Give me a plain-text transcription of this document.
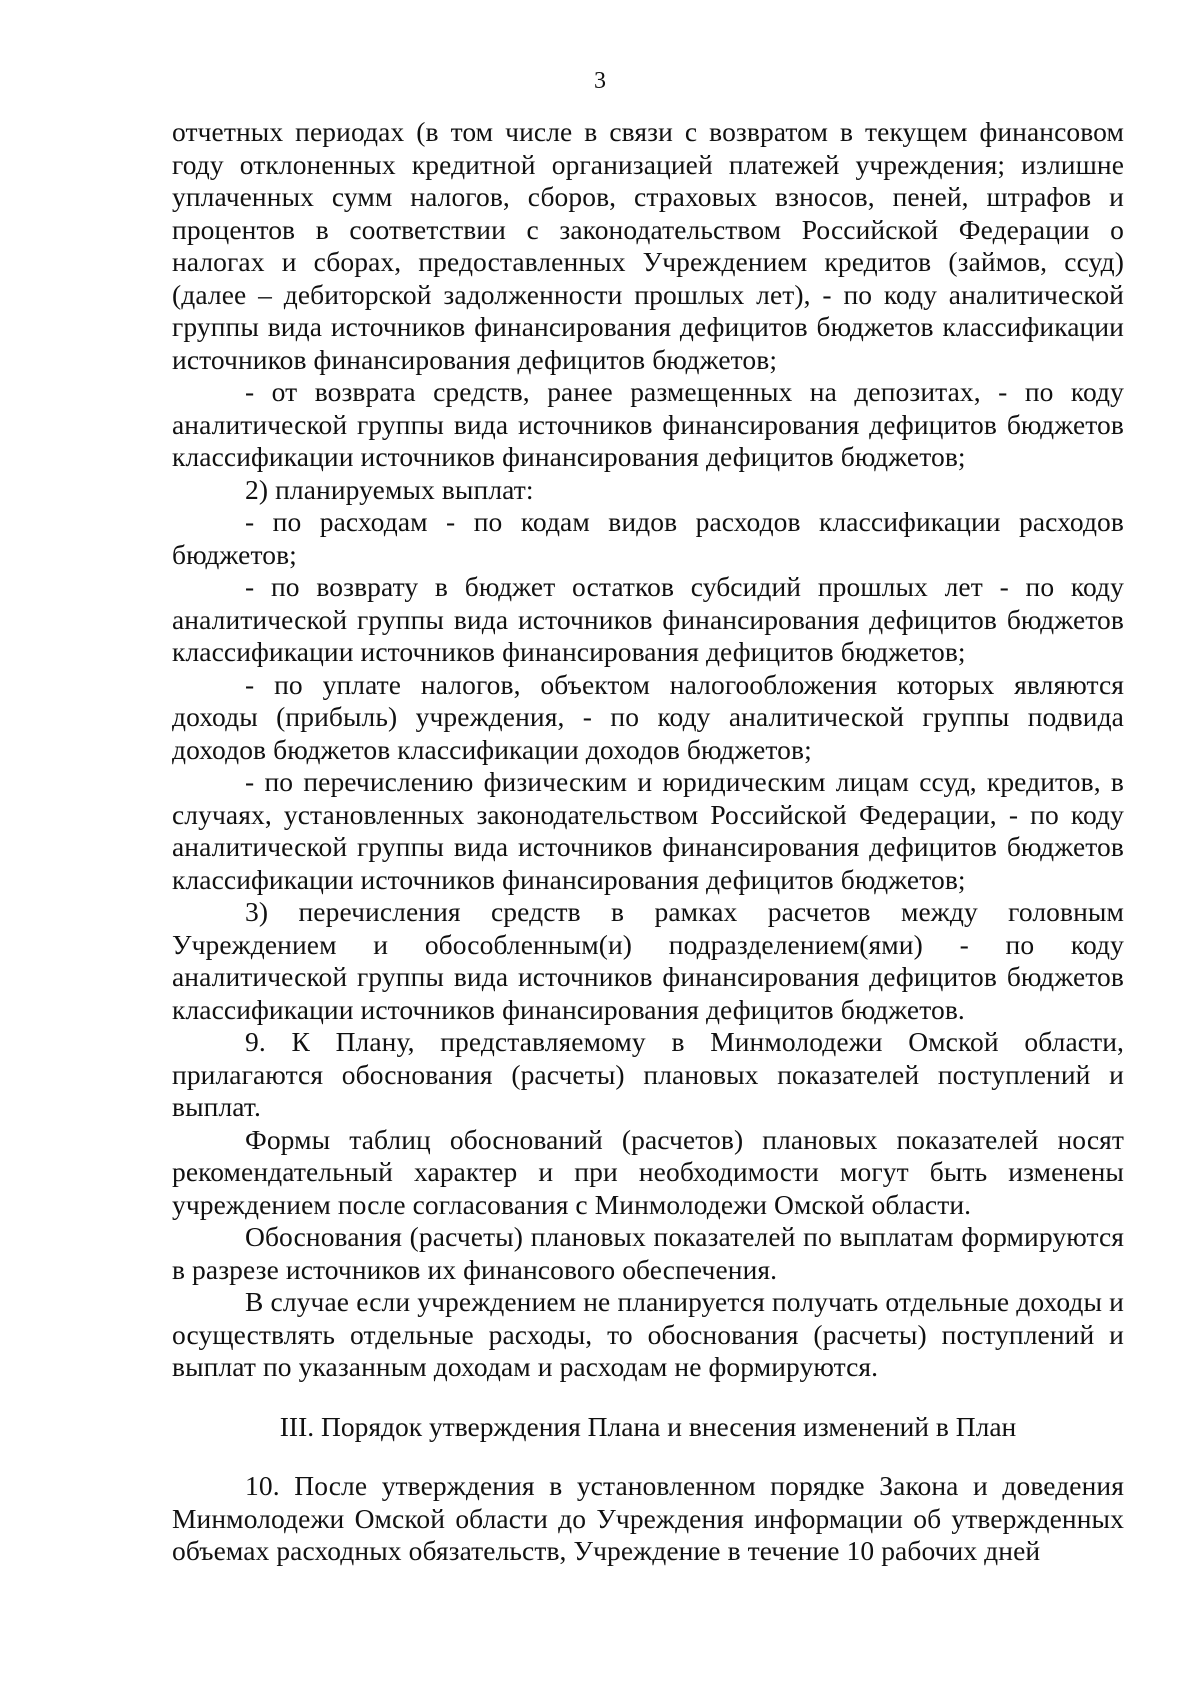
3

отчетных периодах (в том числе в связи с возвратом в текущем финансовом году отклоненных кредитной организацией платежей учреждения; излишне уплаченных сумм налогов, сборов, страховых взносов, пеней, штрафов и процентов в соответствии с законодательством Российской Федерации о налогах и сборах, предоставленных Учреждением кредитов (займов, ссуд) (далее – дебиторской задолженности прошлых лет), - по коду аналитической группы вида источников финансирования дефицитов бюджетов классификации источников финансирования дефицитов бюджетов;

- от возврата средств, ранее размещенных на депозитах, - по коду аналитической группы вида источников финансирования дефицитов бюджетов классификации источников финансирования дефицитов бюджетов;

2) планируемых выплат:

- по расходам - по кодам видов расходов классификации расходов бюджетов;

- по возврату в бюджет остатков субсидий прошлых лет - по коду аналитической группы вида источников финансирования дефицитов бюджетов классификации источников финансирования дефицитов бюджетов;

- по уплате налогов, объектом налогообложения которых являются доходы (прибыль) учреждения, - по коду аналитической группы подвида доходов бюджетов классификации доходов бюджетов;

- по перечислению физическим и юридическим лицам ссуд, кредитов, в случаях, установленных законодательством Российской Федерации, - по коду аналитической группы вида источников финансирования дефицитов бюджетов классификации источников финансирования дефицитов бюджетов;

3) перечисления средств в рамках расчетов между головным Учреждением и обособленным(и) подразделением(ями) - по коду аналитической группы вида источников финансирования дефицитов бюджетов классификации источников финансирования дефицитов бюджетов.

9. К Плану, представляемому в Минмолодежи Омской области, прилагаются обоснования (расчеты) плановых показателей поступлений и выплат.

Формы таблиц обоснований (расчетов) плановых показателей носят рекомендательный характер и при необходимости могут быть изменены учреждением после согласования с Минмолодежи Омской области.

Обоснования (расчеты) плановых показателей по выплатам формируются в разрезе источников их финансового обеспечения.

В случае если учреждением не планируется получать отдельные доходы и осуществлять отдельные расходы, то обоснования (расчеты) поступлений и выплат по указанным доходам и расходам не формируются.

III. Порядок утверждения Плана и внесения изменений в План

10. После утверждения в установленном порядке Закона и доведения Минмолодежи Омской области до Учреждения информации об утвержденных объемах расходных обязательств, Учреждение в течение 10 рабочих дней
